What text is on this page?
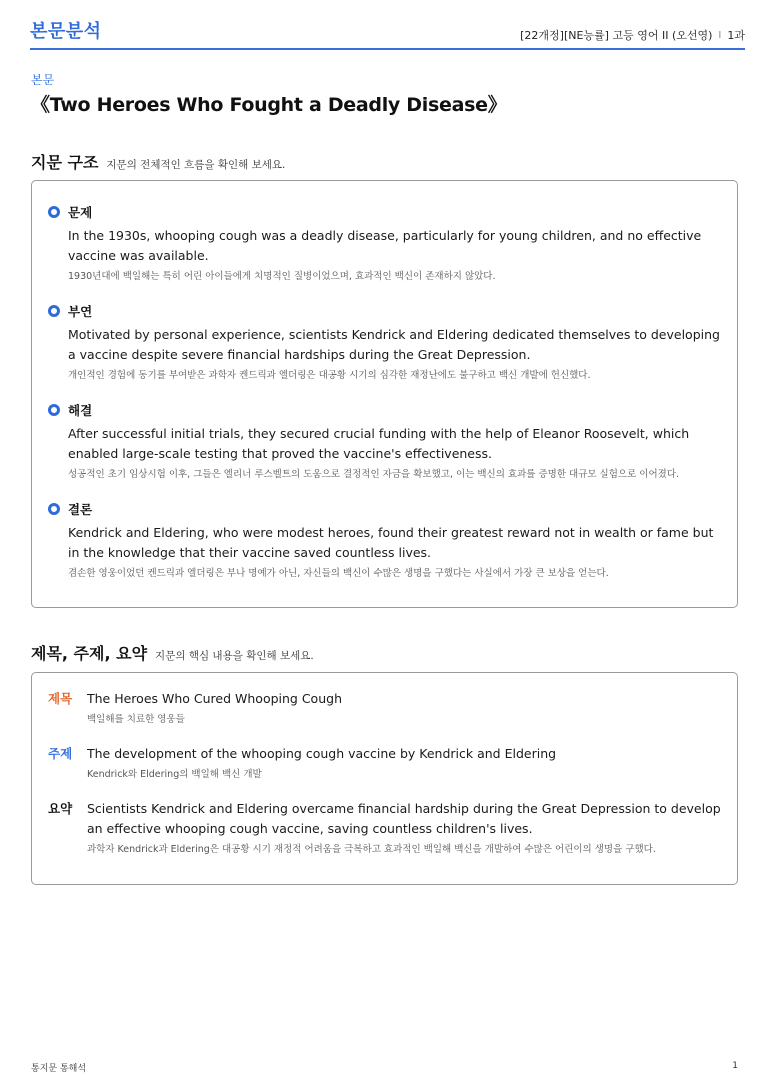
본문분석	[22개정][NE능률] 고등 영어 II (오선영) I 1과
본문
《Two Heroes Who Fought a Deadly Disease》
지문 구조 지문의 전체적인 흐름을 확인해 보세요.
문제
In the 1930s, whooping cough was a deadly disease, particularly for young children, and no effective vaccine was available.
1930년대에 백일해는 특히 어린 아이들에게 치명적인 질병이었으며, 효과적인 백신이 존재하지 않았다.
부연
Motivated by personal experience, scientists Kendrick and Eldering dedicated themselves to developing a vaccine despite severe financial hardships during the Great Depression.
개인적인 경험에 동기를 부여받은 과학자 켄드릭과 엘더링은 대공황 시기의 심각한 재정난에도 불구하고 백신 개발에 헌신했다.
해결
After successful initial trials, they secured crucial funding with the help of Eleanor Roosevelt, which enabled large-scale testing that proved the vaccine's effectiveness.
성공적인 초기 임상시험 이후, 그들은 엘리너 루스벨트의 도움으로 결정적인 자금을 확보했고, 이는 백신의 효과를 증명한 대규모 실험으로 이어졌다.
결론
Kendrick and Eldering, who were modest heroes, found their greatest reward not in wealth or fame but in the knowledge that their vaccine saved countless lives.
겸손한 영웅이었던 켄드릭과 엘더링은 부나 명예가 아닌, 자신들의 백신이 수많은 생명을 구했다는 사실에서 가장 큰 보상을 얻는다.
제목, 주제, 요약 지문의 핵심 내용을 확인해 보세요.
제목	The Heroes Who Cured Whooping Cough
백일해를 치료한 영웅들
주제	The development of the whooping cough vaccine by Kendrick and Eldering
Kendrick와 Eldering의 백일해 백신 개발
요약	Scientists Kendrick and Eldering overcame financial hardship during the Great Depression to develop an effective whooping cough vaccine, saving countless children's lives.
과학자 Kendrick과 Eldering은 대공황 시기 재정적 어려움을 극복하고 효과적인 백일해 백신을 개발하여 수많은 어린이의 생명을 구했다.
통지문 통해석	1
